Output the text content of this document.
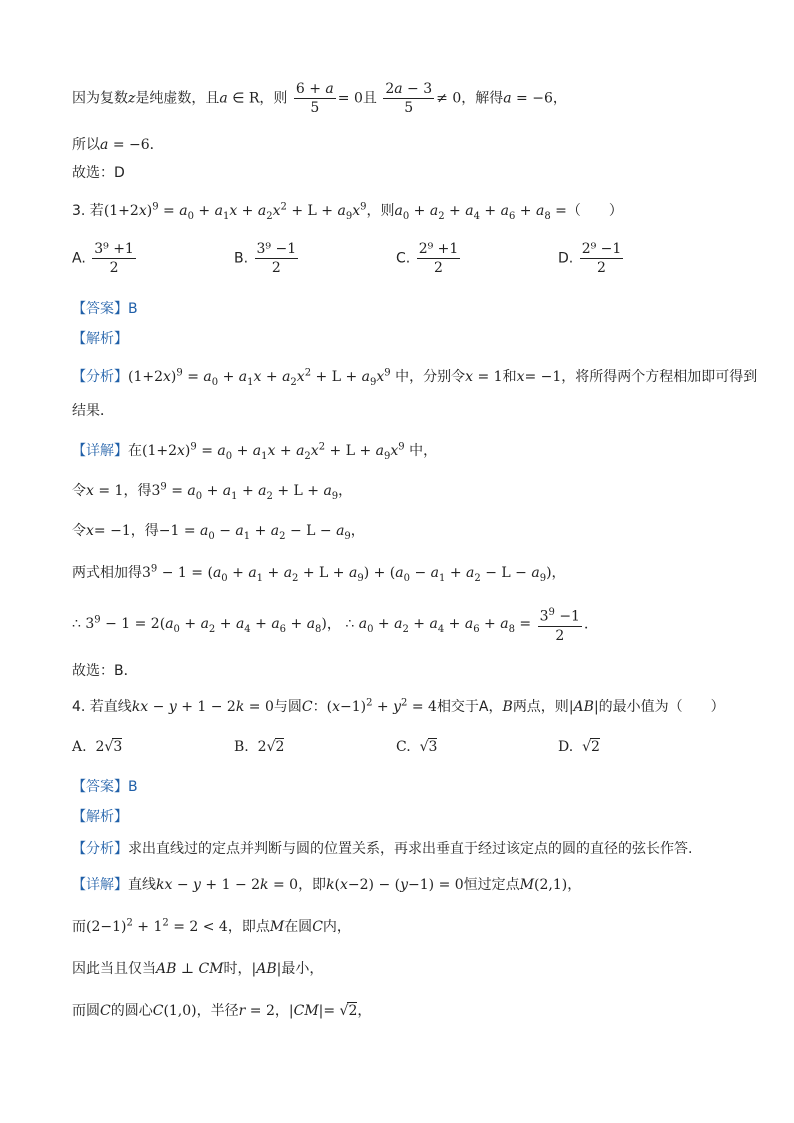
因为复数z是纯虚数，且a ∈ R，则 $\frac{6 + a}{5} = 0$且 $\frac{2a - 3}{5} \ne 0$，解得a = −6，
所以a = −6．
故选：D
3. 若$(1+2x)^9 = a_0 + a_1x + a_2x^2 + L + a_9x^9$，则$a_0 + a_2 + a_4 + a_6 + a_8$ =（　　）
A. $\frac{\text{3⁹ +1}}{2}$	B. $\frac{\text{3⁹ −1}}{2}$	C. $\frac{\text{2⁹ +1}}{2}$	D. $\frac{\text{2⁹ −1}}{2}$
【答案】B
【解析】
【分析】$(1+2x)^9 = a_0 + a_1x + a_2x^2 + L + a_9x^9$ 中，分别令x = 1和x= −1，将所得两个方程相加即可得到
结果．
【详解】在$(1+2x)^9 = a_0 + a_1x + a_2x^2 + L + a_9x^9$ 中，
令x = 1，得$3^9 = a_0 + a_1 + a_2 + L + a_9$，
令x= −1，得$-1 = a_0 - a_1 + a_2 - L - a_9$，
两式相加得$3^9 - 1 = (a_0 + a_1 + a_2 + L + a_9) + (a_0 - a_1 + a_2 - L - a_9)$，
∴ $3^9 - 1 = 2(a_0 + a_2 + a_4 + a_6 + a_8)$， ∴ $a_0 + a_2 + a_4 + a_6 + a_8 = \frac{3^9 -1}{2}$ ．
故选：B．
4. 若直线kx − y + 1 − 2k = 0与圆C：$(x-1)^2 + y^2 = 4$相交于A，B两点，则|AB|的最小值为（　　）
A. 2√3	B. 2√2	C. √3	D. √2
【答案】B
【解析】
【分析】求出直线过的定点并判断与圆的位置关系，再求出垂直于经过该定点的圆的直径的弦长作答.
【详解】直线kx − y + 1 − 2k = 0，即k(x−2) − (y−1) = 0恒过定点M(2,1)，
而$(2-1)^2 + 1^2 = 2 < 4$，即点M在圆C内，
因此当且仅当AB ⊥ CM时，|AB|最小，
而圆C的圆心C(1,0)，半径r = 2，|CM|= √2，
